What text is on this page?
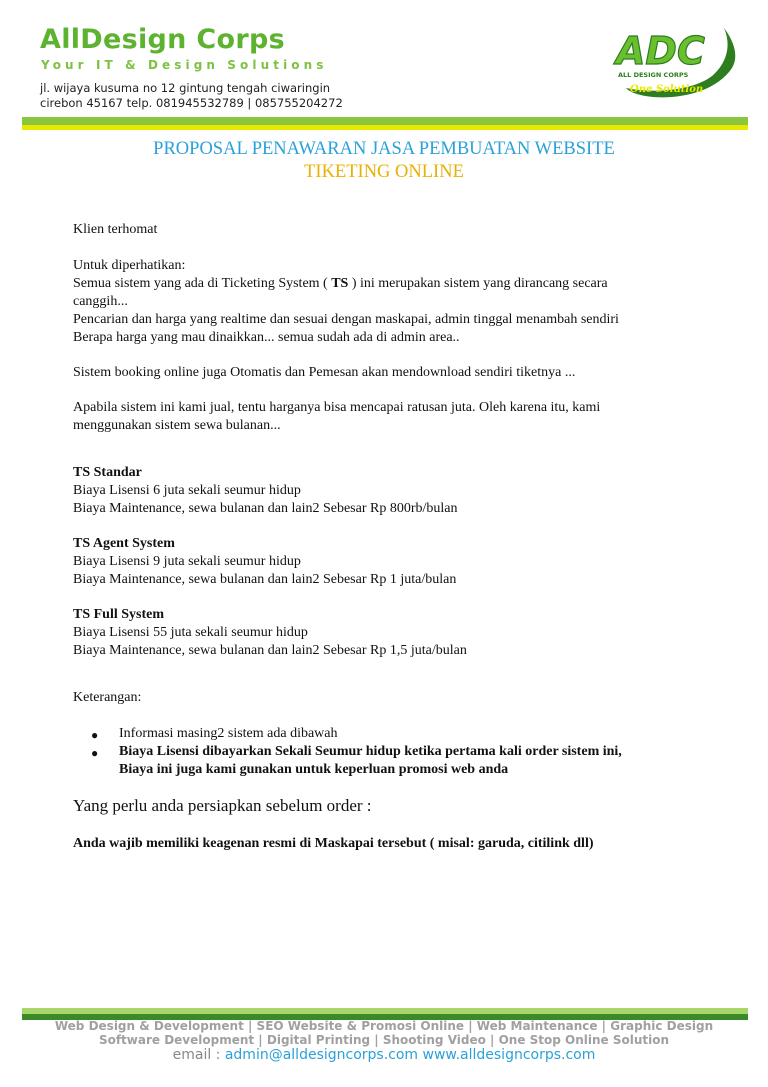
AllDesign Corps
Your IT & Design Solutions
jl. wijaya kusuma no 12 gintung tengah ciwaringin
cirebon 45167 telp. 081945532789 | 085755204272
ADC
ALL DESIGN CORPS
One Solution
PROPOSAL PENAWARAN JASA PEMBUATAN WEBSITE
TIKETING ONLINE
Klien terhomat
Untuk diperhatikan:
Semua sistem yang ada di Ticketing System ( TS ) ini merupakan sistem yang dirancang secara
canggih...
Pencarian dan harga yang realtime dan sesuai dengan maskapai, admin tinggal menambah sendiri
Berapa harga yang mau dinaikkan... semua sudah ada di admin area..
Sistem booking online juga Otomatis dan Pemesan akan mendownload sendiri tiketnya ...
Apabila sistem ini kami jual, tentu harganya bisa mencapai ratusan juta. Oleh karena itu, kami
menggunakan sistem sewa bulanan...
TS Standar
Biaya Lisensi 6 juta sekali seumur hidup
Biaya Maintenance, sewa bulanan dan lain2 Sebesar Rp 800rb/bulan
TS Agent System
Biaya Lisensi 9 juta sekali seumur hidup
Biaya Maintenance, sewa bulanan dan lain2 Sebesar Rp 1 juta/bulan
TS Full System
Biaya Lisensi 55 juta sekali seumur hidup
Biaya Maintenance, sewa bulanan dan lain2 Sebesar Rp 1,5 juta/bulan
Keterangan:
● Informasi masing2 sistem ada dibawah
● Biaya Lisensi dibayarkan Sekali Seumur hidup ketika pertama kali order sistem ini,
Biaya ini juga kami gunakan untuk keperluan promosi web anda
Yang perlu anda persiapkan sebelum order :
Anda wajib memiliki keagenan resmi di Maskapai tersebut ( misal: garuda, citilink dll)
Web Design & Development | SEO Website & Promosi Online | Web Maintenance | Graphic Design
Software Development | Digital Printing | Shooting Video | One Stop Online Solution
email : admin@alldesigncorps.com www.alldesigncorps.com
